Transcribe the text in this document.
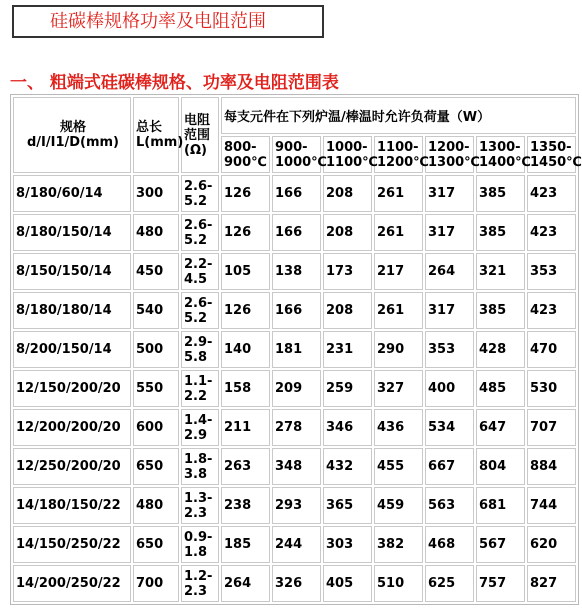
硅碳棒规格功率及电阻范围
一、 粗端式硅碳棒规格、功率及电阻范围表
规格 d/I/I1/D(mm)	总长 L(mm)	电阻范围(Ω)	每支元件在下列炉温/棒温时允许负荷量（W）						
			800-900℃	900-1000℃	1000-1100℃	1100-1200℃	1200-1300℃	1300-1400℃	1350-1450℃
8/180/60/14	300	2.6-5.2	126	166	208	261	317	385	423
8/180/150/14	480	2.6-5.2	126	166	208	261	317	385	423
8/150/150/14	450	2.2-4.5	105	138	173	217	264	321	353
8/180/180/14	540	2.6-5.2	126	166	208	261	317	385	423
8/200/150/14	500	2.9-5.8	140	181	231	290	353	428	470
12/150/200/20	550	1.1-2.2	158	209	259	327	400	485	530
12/200/200/20	600	1.4-2.9	211	278	346	436	534	647	707
12/250/200/20	650	1.8-3.8	263	348	432	455	667	804	884
14/180/150/22	480	1.3-2.3	238	293	365	459	563	681	744
14/150/250/22	650	0.9-1.8	185	244	303	382	468	567	620
14/200/250/22	700	1.2-2.3	264	326	405	510	625	757	827
